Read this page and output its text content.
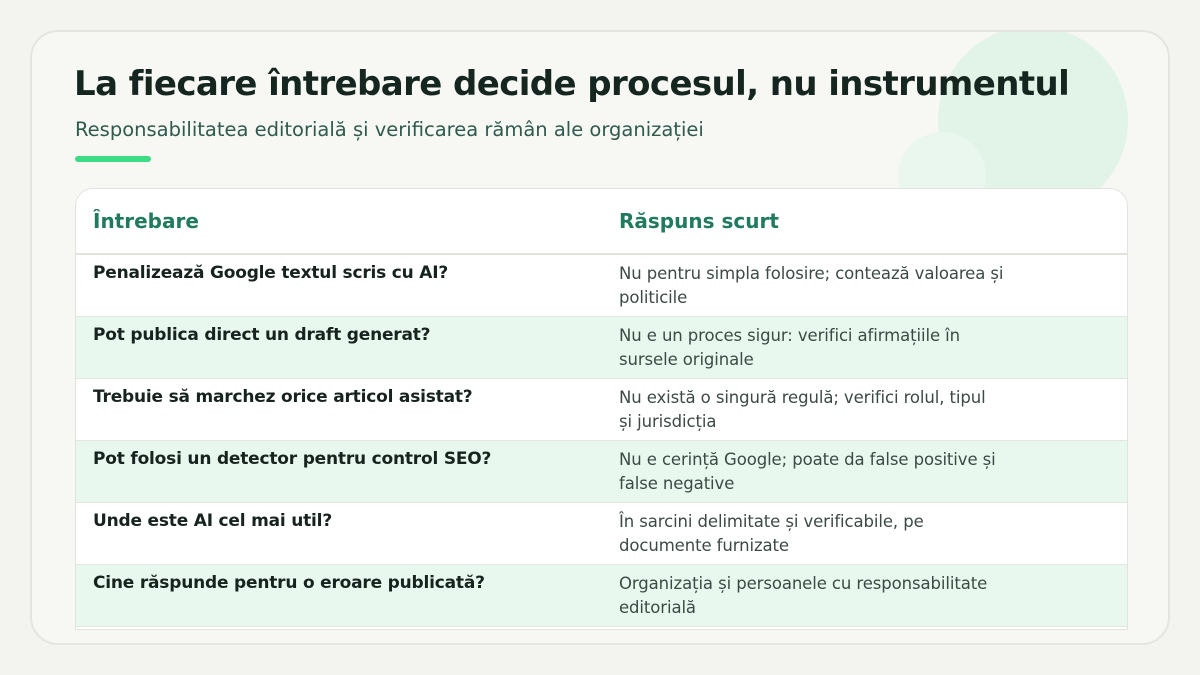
La fiecare întrebare decide procesul, nu instrumentul
Responsabilitatea editorială și verificarea rămân ale organizației
Întrebare	Răspuns scurt
Penalizează Google textul scris cu AI?	Nu pentru simpla folosire; contează valoarea și
politicile
Pot publica direct un draft generat?	Nu e un proces sigur: verifici afirmațiile în
sursele originale
Trebuie să marchez orice articol asistat?	Nu există o singură regulă; verifici rolul, tipul
și jurisdicția
Pot folosi un detector pentru control SEO?	Nu e cerință Google; poate da false positive și
false negative
Unde este AI cel mai util?	În sarcini delimitate și verificabile, pe
documente furnizate
Cine răspunde pentru o eroare publicată?	Organizația și persoanele cu responsabilitate
editorială
